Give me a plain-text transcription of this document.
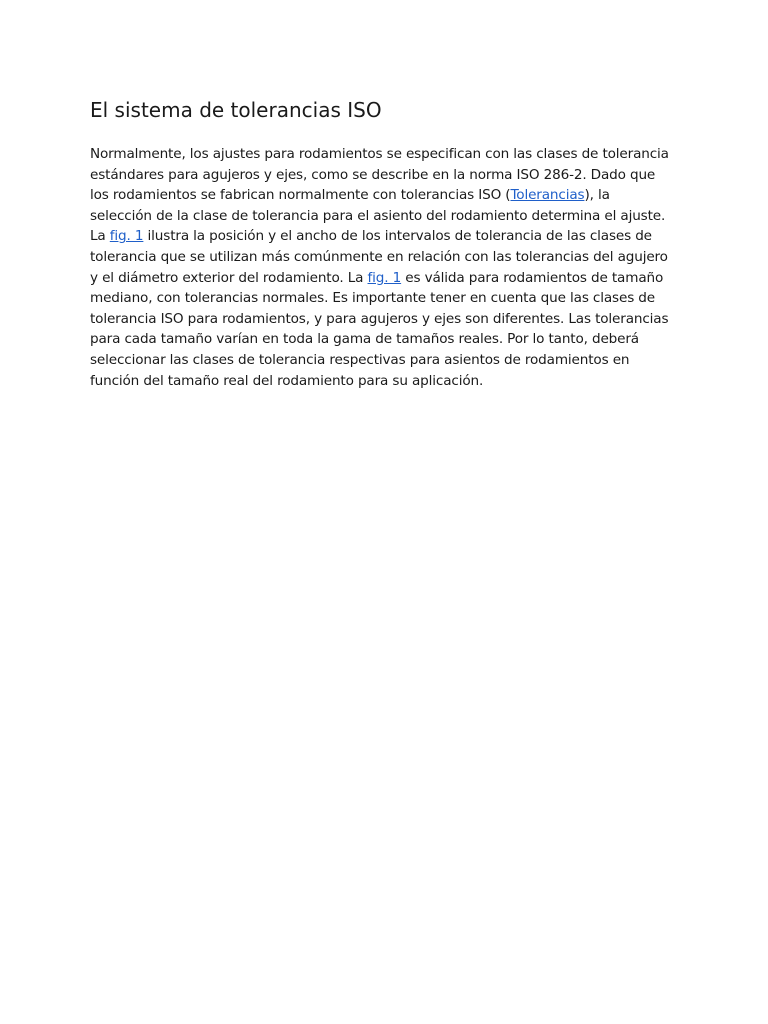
El sistema de tolerancias ISO

Normalmente, los ajustes para rodamientos se especifican con las clases de tolerancia estándares para agujeros y ejes, como se describe en la norma ISO 286-2. Dado que los rodamientos se fabrican normalmente con tolerancias ISO (Tolerancias), la selección de la clase de tolerancia para el asiento del rodamiento determina el ajuste. La fig. 1 ilustra la posición y el ancho de los intervalos de tolerancia de las clases de tolerancia que se utilizan más comúnmente en relación con las tolerancias del agujero y el diámetro exterior del rodamiento. La fig. 1 es válida para rodamientos de tamaño mediano, con tolerancias normales. Es importante tener en cuenta que las clases de tolerancia ISO para rodamientos, y para agujeros y ejes son diferentes. Las tolerancias para cada tamaño varían en toda la gama de tamaños reales. Por lo tanto, deberá seleccionar las clases de tolerancia respectivas para asientos de rodamientos en función del tamaño real del rodamiento para su aplicación.
